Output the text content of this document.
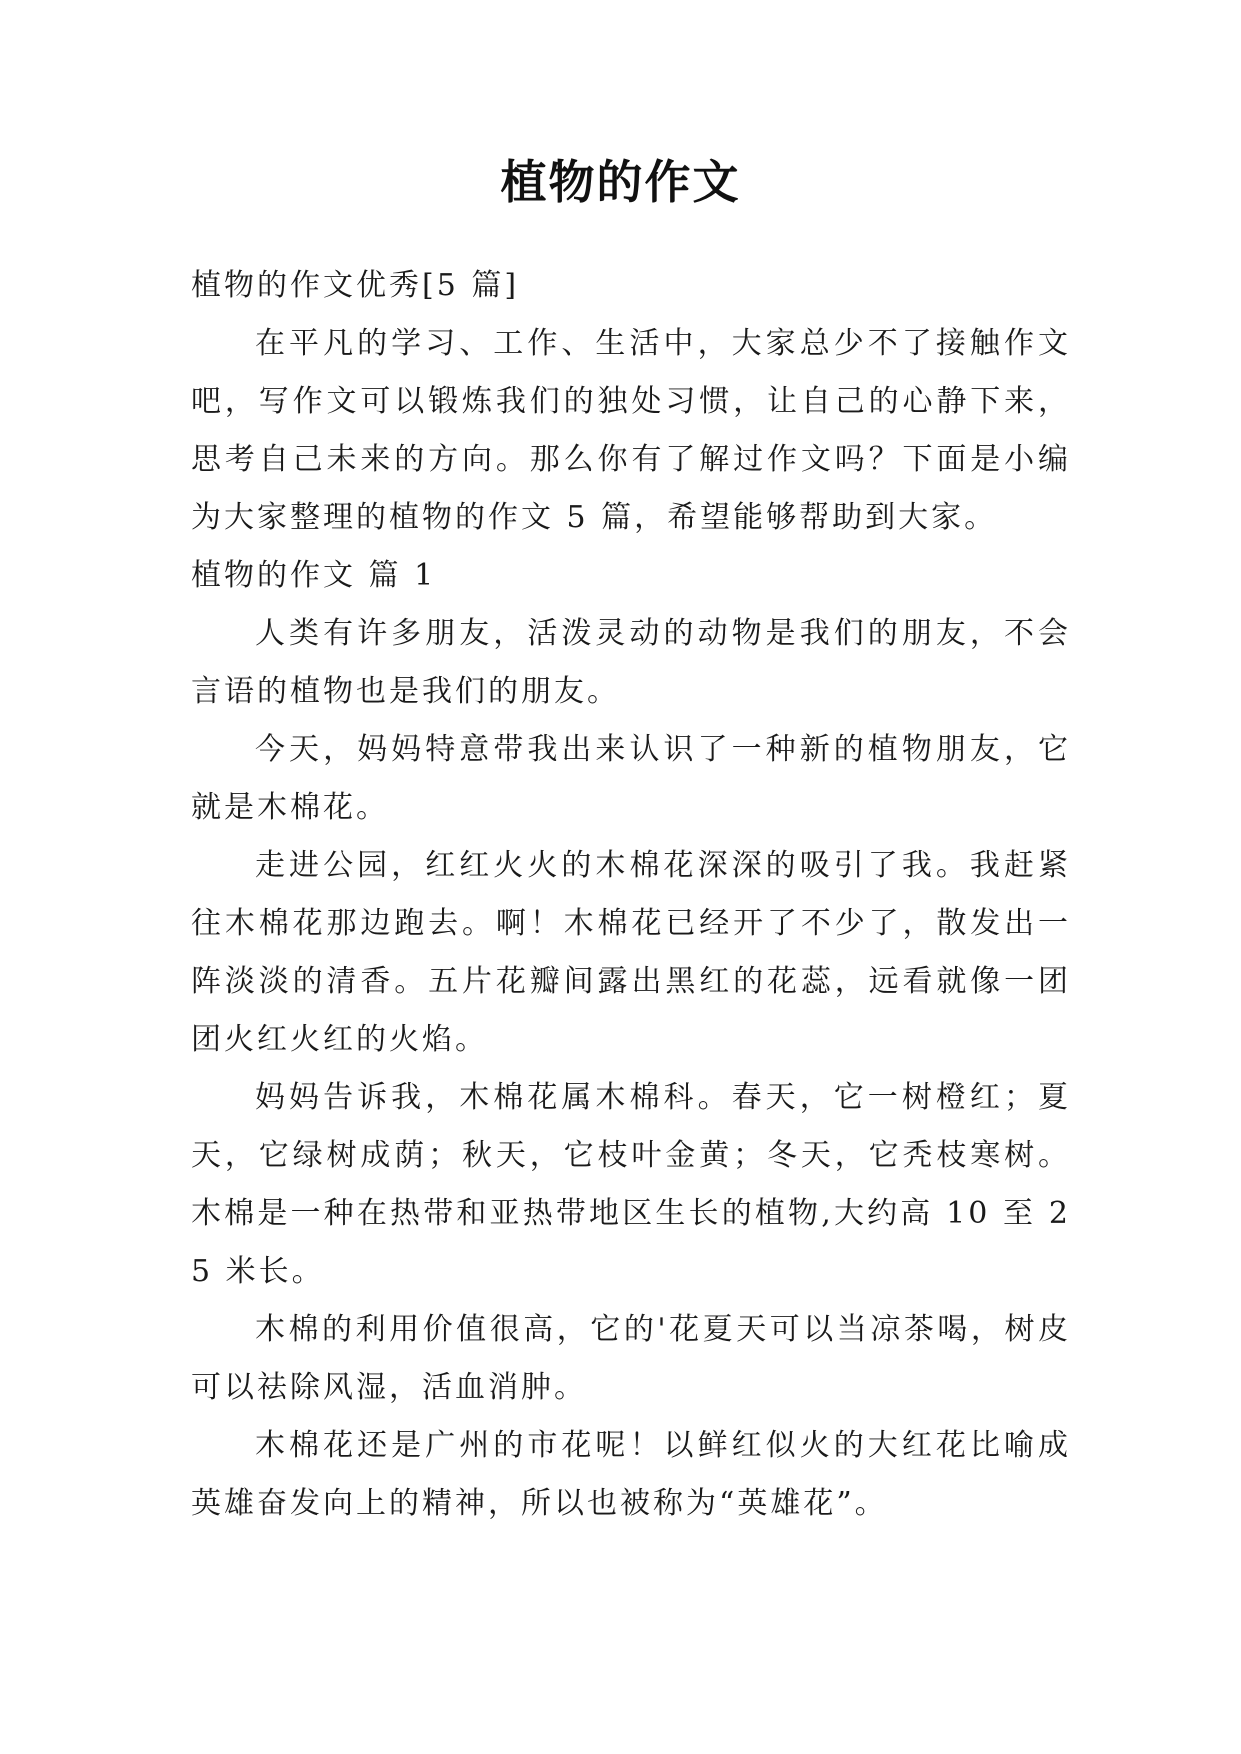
植物的作文

植物的作文优秀[5 篇]

在平凡的学习、工作、生活中，大家总少不了接触作文吧，写作文可以锻炼我们的独处习惯，让自己的心静下来，思考自己未来的方向。那么你有了解过作文吗？下面是小编为大家整理的植物的作文 5 篇，希望能够帮助到大家。

植物的作文 篇 1

人类有许多朋友，活泼灵动的动物是我们的朋友，不会言语的植物也是我们的朋友。

今天，妈妈特意带我出来认识了一种新的植物朋友，它就是木棉花。

走进公园，红红火火的木棉花深深的吸引了我。我赶紧往木棉花那边跑去。啊！木棉花已经开了不少了，散发出一阵淡淡的清香。五片花瓣间露出黑红的花蕊，远看就像一团团火红火红的火焰。

妈妈告诉我，木棉花属木棉科。春天，它一树橙红；夏天，它绿树成荫；秋天，它枝叶金黄；冬天，它秃枝寒树。木棉是一种在热带和亚热带地区生长的植物,大约高 10 至 25 米长。

木棉的利用价值很高，它的'花夏天可以当凉茶喝，树皮可以祛除风湿，活血消肿。

木棉花还是广州的市花呢！以鲜红似火的大红花比喻成英雄奋发向上的精神，所以也被称为“英雄花”。
